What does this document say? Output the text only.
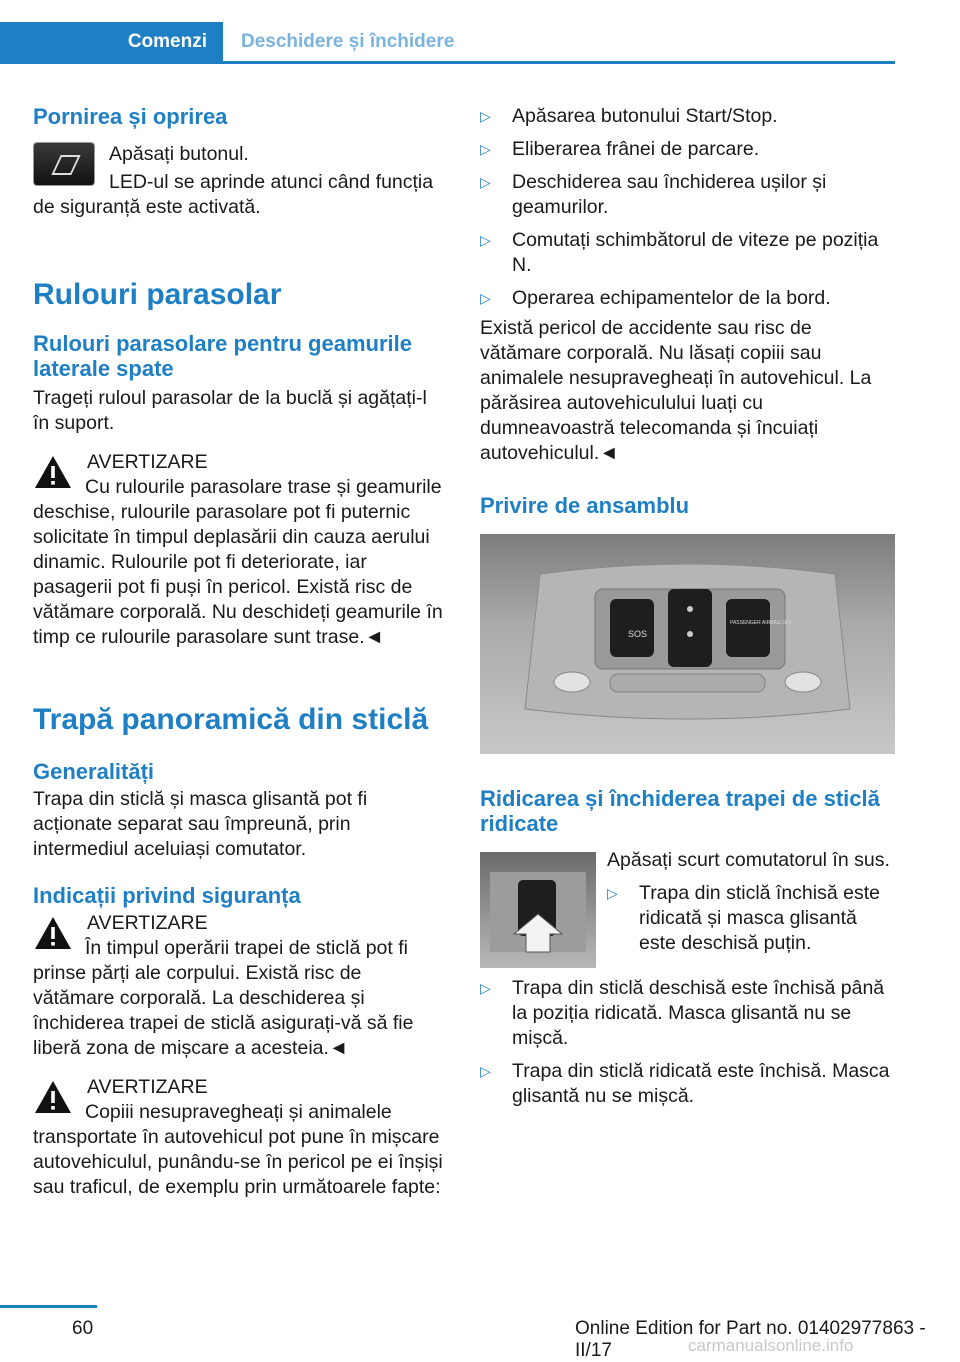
Comenzi	Deschidere și închidere
Pornirea și oprirea

Apăsați butonul.

LED-ul se aprinde atunci când funcția de siguranță este activată.

Rulouri parasolar
Rulouri parasolare pentru geamurile laterale spate

Trageți ruloul parasolar de la buclă și agățați-l în suport.

AVERTIZARE

Cu rulourile parasolare trase și geamurile deschise, rulourile parasolare pot fi puternic solicitate în timpul deplasării din cauza aerului dinamic. Rulourile pot fi deteriorate, iar pasagerii pot fi puși în pericol. Există risc de vătămare corporală. Nu deschideți geamurile în timp ce rulourile parasolare sunt trase.◄

Trapă panoramică din sticlă
Generalități

Trapa din sticlă și masca glisantă pot fi acționate separat sau împreună, prin intermediul aceluiași comutator.

Indicații privind siguranța

AVERTIZARE

În timpul operării trapei de sticlă pot fi prinse părți ale corpului. Există risc de vătămare corporală. La deschiderea și închiderea trapei de sticlă asigurați-vă să fie liberă zona de mișcare a acesteia.◄

AVERTIZARE

Copiii nesupravegheați și animalele transportate în autovehicul pot pune în mișcare autovehiculul, punându-se în pericol pe ei înșiși sau traficul, de exemplu prin următoarele fapte:

▷	Apăsarea butonului Start/Stop.

▷	Eliberarea frânei de parcare.

▷	Deschiderea sau închiderea ușilor și geamurilor.

▷	Comutați schimbătorul de viteze pe poziția N.

▷	Operarea echipamentelor de la bord.

Există pericol de accidente sau risc de vătămare corporală. Nu lăsați copiii sau animalele nesupravegheați în autovehicul. La părăsirea autovehiculului luați cu dumneavoastră telecomanda și încuiați autovehiculul.◄

Privire de ansamblu
SOS
PASSENGER AIRBAG OFF
Ridicarea și închiderea trapei de sticlă ridicate

Apăsați scurt comutatorul în sus.

▷	Trapa din sticlă închisă este ridicată și masca glisantă este deschisă puțin.

▷	Trapa din sticlă deschisă este închisă până la poziția ridicată. Masca glisantă nu se mișcă.

▷	Trapa din sticlă ridicată este închisă. Masca glisantă nu se mișcă.

60	Online Edition for Part no. 01402977863 - II/17	carmanualsonline.info
